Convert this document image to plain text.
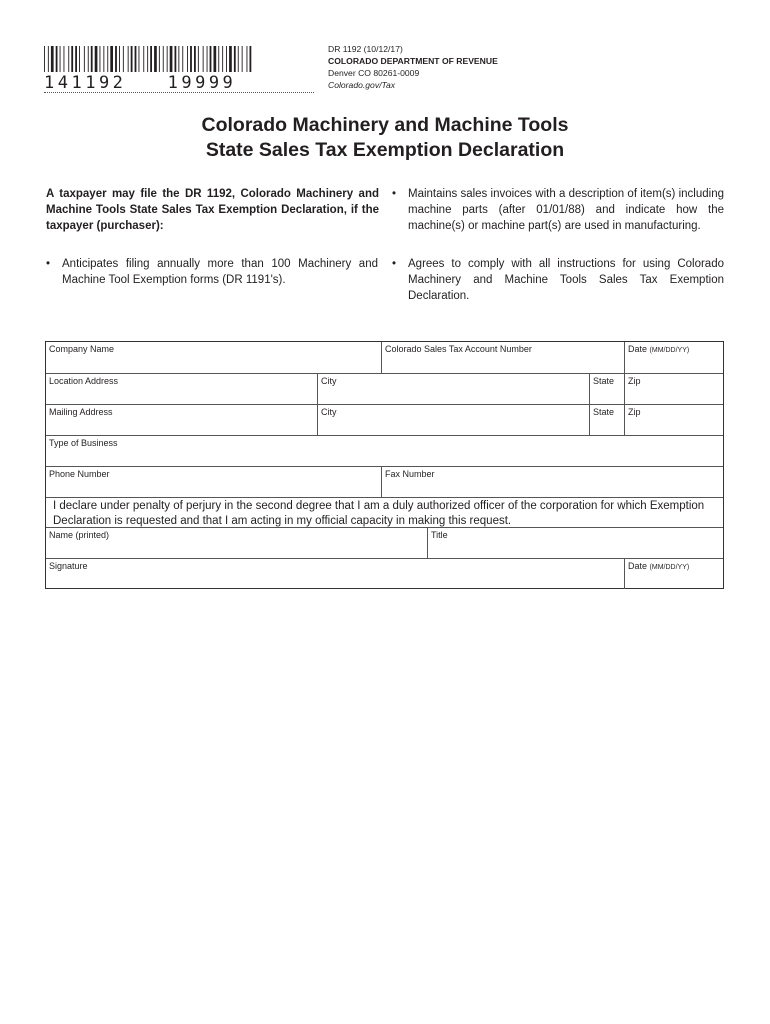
141192   19999
DR 1192 (10/12/17)
COLORADO DEPARTMENT OF REVENUE
Denver CO 80261-0009
Colorado.gov/Tax
Colorado Machinery and Machine Tools
State Sales Tax Exemption Declaration
A taxpayer may file the DR 1192, Colorado Machinery and Machine Tools State Sales Tax Exemption Declaration, if the taxpayer (purchaser):
• Anticipates filing annually more than 100 Machinery and Machine Tool Exemption forms (DR 1191's).
• Maintains sales invoices with a description of item(s) including machine parts (after 01/01/88) and indicate how the machine(s) or machine part(s) are used in manufacturing.
• Agrees to comply with all instructions for using Colorado Machinery and Machine Tools Sales Tax Exemption Declaration.
Company Name	Colorado Sales Tax Account Number	Date (MM/DD/YY)
Location Address	City	State	Zip
Mailing Address	City	State	Zip
Type of Business
Phone Number	Fax Number
I declare under penalty of perjury in the second degree that I am a duly authorized officer of the corporation for which Exemption Declaration is requested and that I am acting in my official capacity in making this request.
Name (printed)	Title
Signature	Date (MM/DD/YY)
